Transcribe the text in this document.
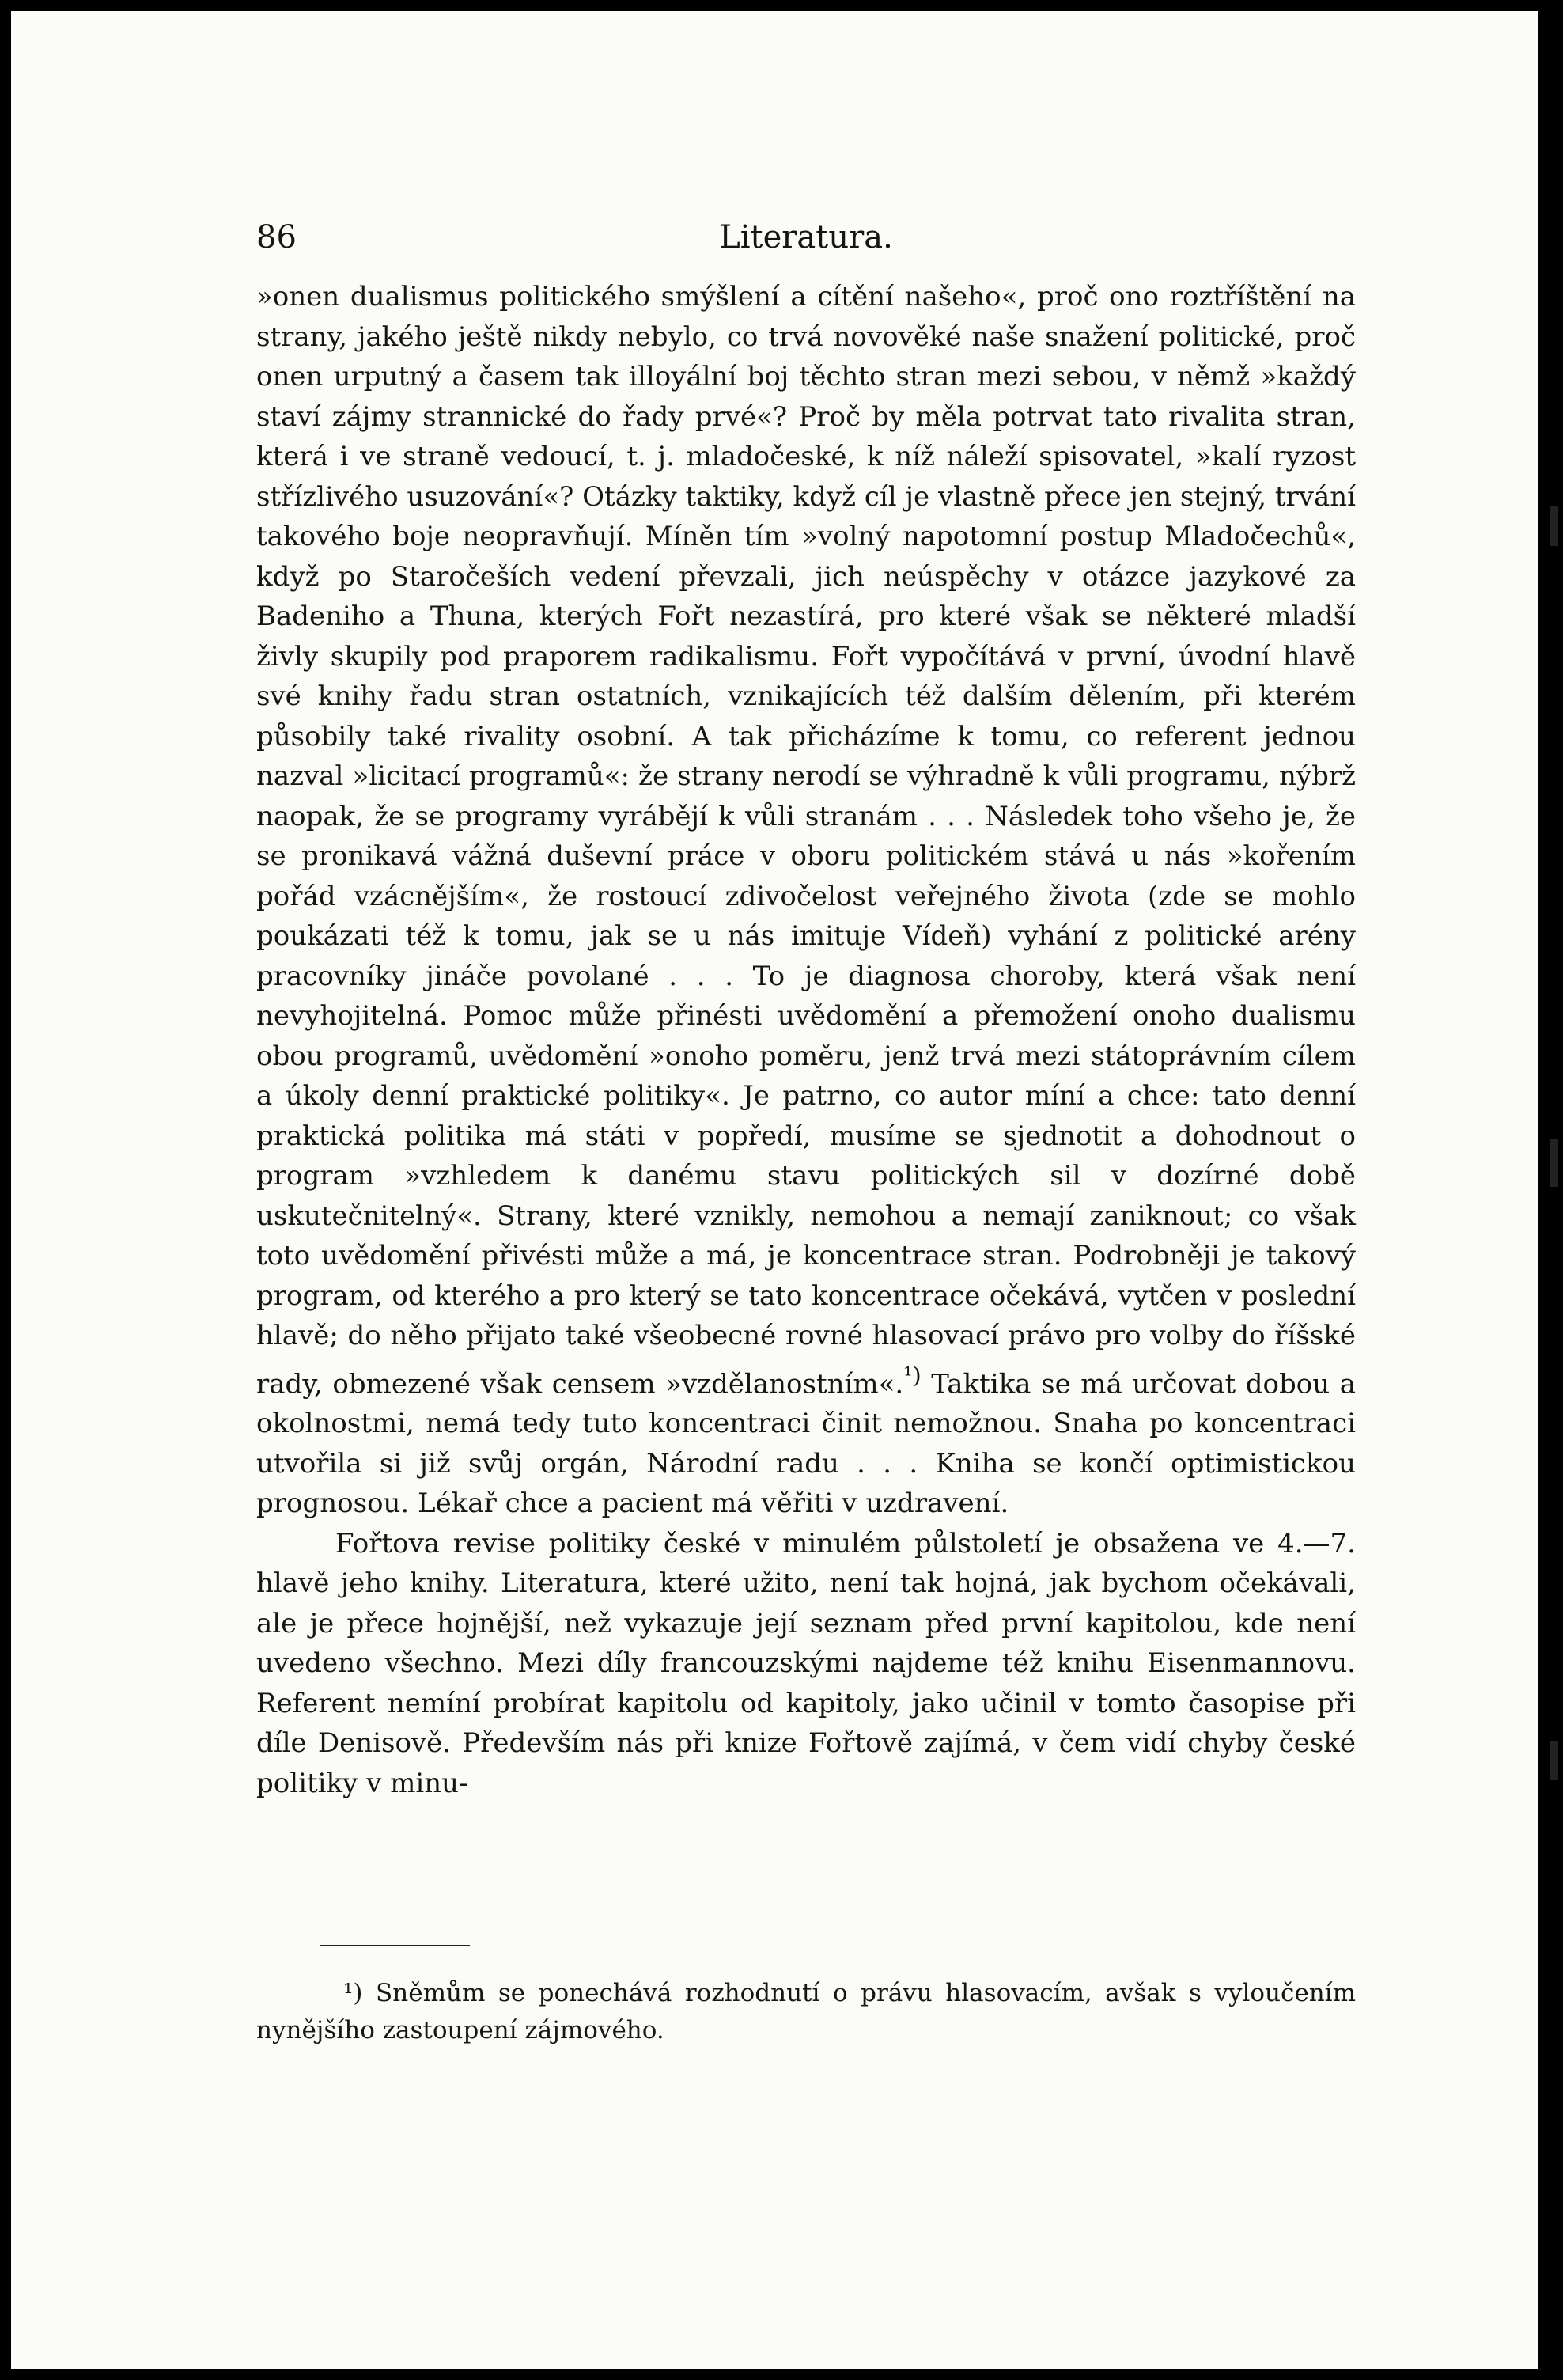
86	Literatura.

»onen dualismus politického smýšlení a cítění našeho«, proč ono roztříštění na strany, jakého ještě nikdy nebylo, co trvá novověké naše snažení politické, proč onen urputný a časem tak illoyální boj těchto stran mezi sebou, v němž »každý staví zájmy strannické do řady prvé«? Proč by měla potrvat tato rivalita stran, která i ve straně vedoucí, t. j. mladočeské, k níž náleží spisovatel, »kalí ryzost střízlivého usuzování«? Otázky taktiky, když cíl je vlastně přece jen stejný, trvání takového boje neopravňují. Míněn tím »volný napotomní postup Mladočechů«, když po Staročeších vedení převzali, jich neúspěchy v otázce jazykové za Badeniho a Thuna, kterých Fořt nezastírá, pro které však se některé mladší živly skupily pod praporem radikalismu. Fořt vypočítává v první, úvodní hlavě své knihy řadu stran ostatních, vznikajících též dalším dělením, při kterém působily také rivality osobní. A tak přicházíme k tomu, co referent jednou nazval »licitací programů«: že strany nerodí se výhradně k vůli programu, nýbrž naopak, že se programy vyrábějí k vůli stranám . . . Následek toho všeho je, že se pronikavá vážná duševní práce v oboru politickém stává u nás »kořením pořád vzácnějším«, že rostoucí zdivočelost veřejného života (zde se mohlo poukázati též k tomu, jak se u nás imituje Vídeň) vyhání z politické arény pracovníky jináče povolané . . . To je diagnosa choroby, která však není nevyhojitelná. Pomoc může přinésti uvědomění a přemožení onoho dualismu obou programů, uvědomění »onoho poměru, jenž trvá mezi státoprávním cílem a úkoly denní praktické politiky«. Je patrno, co autor míní a chce: tato denní praktická politika má státi v popředí, musíme se sjednotit a dohodnout o program »vzhledem k danému stavu politických sil v dozírné době uskutečnitelný«. Strany, které vznikly, nemohou a nemají zaniknout; co však toto uvědomění přivésti může a má, je koncentrace stran. Podrobněji je takový program, od kterého a pro který se tato koncentrace očekává, vytčen v poslední hlavě; do něho přijato také všeobecné rovné hlasovací právo pro volby do říšské rady, obmezené však censem »vzdělanostním«.$^{^1)}$ Taktika se má určovat dobou a okolnostmi, nemá tedy tuto koncentraci činit nemožnou. Snaha po koncentraci utvořila si již svůj orgán, Národní radu . . . Kniha se končí optimistickou prognosou. Lékař chce a pacient má věřiti v uzdravení.

Fořtova revise politiky české v minulém půlstoletí je obsažena ve 4.—7. hlavě jeho knihy. Literatura, které užito, není tak hojná, jak bychom očekávali, ale je přece hojnější, než vykazuje její seznam před první kapitolou, kde není uvedeno všechno. Mezi díly francouzskými najdeme též knihu Eisenmannovu. Referent nemíní probírat kapitolu od kapitoly, jako učinil v tomto časopise při díle Denisově. Především nás při knize Fořtově zajímá, v čem vidí chyby české politiky v minu-

¹) Sněmům se ponechává rozhodnutí o právu hlasovacím, avšak s vyloučením nynějšího zastoupení zájmového.
